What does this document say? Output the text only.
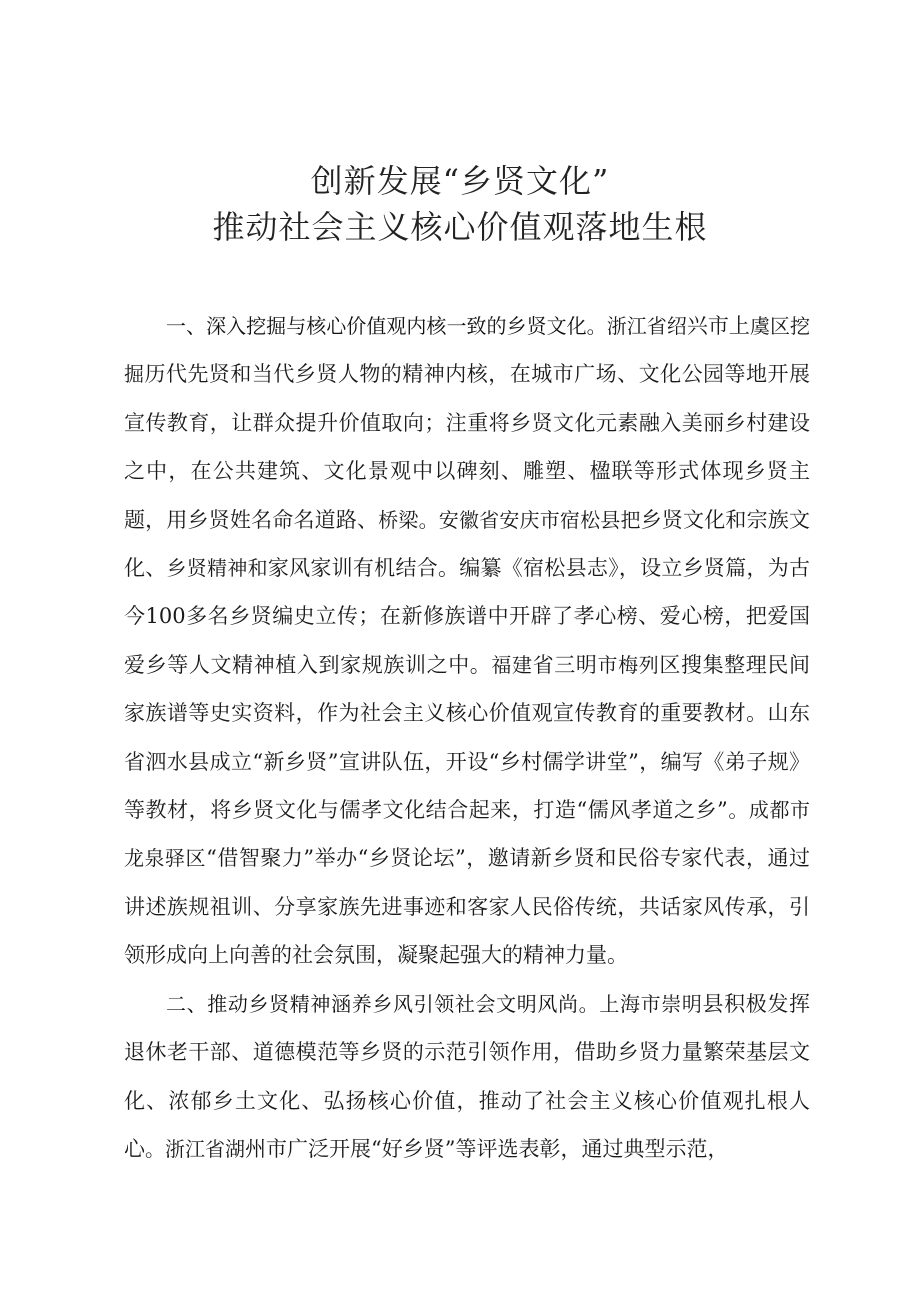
创新发展“乡贤文化”
推动社会主义核心价值观落地生根

一、深入挖掘与核心价值观内核一致的乡贤文化。浙江省绍兴市上虞区挖掘历代先贤和当代乡贤人物的精神内核，在城市广场、文化公园等地开展宣传教育，让群众提升价值取向；注重将乡贤文化元素融入美丽乡村建设之中，在公共建筑、文化景观中以碑刻、雕塑、楹联等形式体现乡贤主题，用乡贤姓名命名道路、桥梁。安徽省安庆市宿松县把乡贤文化和宗族文化、乡贤精神和家风家训有机结合。编纂《宿松县志》，设立乡贤篇，为古今100多名乡贤编史立传；在新修族谱中开辟了孝心榜、爱心榜，把爱国爱乡等人文精神植入到家规族训之中。福建省三明市梅列区搜集整理民间家族谱等史实资料，作为社会主义核心价值观宣传教育的重要教材。山东省泗水县成立“新乡贤”宣讲队伍，开设“乡村儒学讲堂”，编写《弟子规》等教材，将乡贤文化与儒孝文化结合起来，打造“儒风孝道之乡”。成都市龙泉驿区“借智聚力”举办“乡贤论坛”，邀请新乡贤和民俗专家代表，通过讲述族规祖训、分享家族先进事迹和客家人民俗传统，共话家风传承，引领形成向上向善的社会氛围，凝聚起强大的精神力量。

二、推动乡贤精神涵养乡风引领社会文明风尚。上海市崇明县积极发挥退休老干部、道德模范等乡贤的示范引领作用，借助乡贤力量繁荣基层文化、浓郁乡土文化、弘扬核心价值，推动了社会主义核心价值观扎根人心。浙江省湖州市广泛开展“好乡贤”等评选表彰，通过典型示范，
